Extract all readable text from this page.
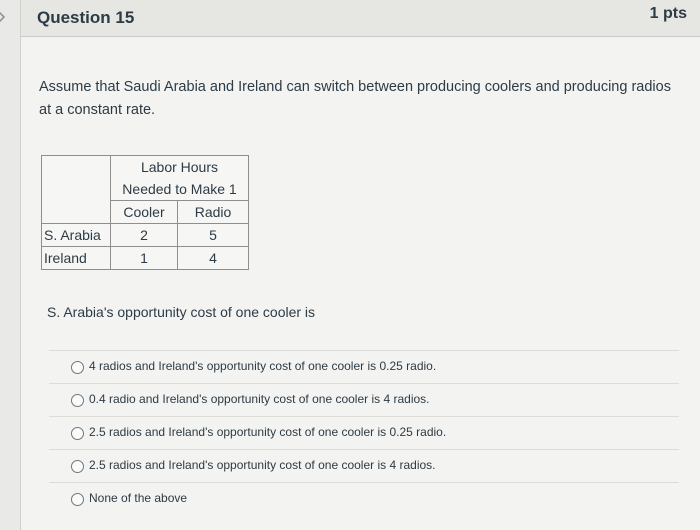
Question 15	1 pts
Assume that Saudi Arabia and Ireland can switch between producing coolers and producing radios at a constant rate.
	Labor Hours	
	Needed to Make 1	
	Cooler	Radio
S. Arabia	2	5
Ireland	1	4
S. Arabia's opportunity cost of one cooler is
4 radios and Ireland's opportunity cost of one cooler is 0.25 radio.
0.4 radio and Ireland's opportunity cost of one cooler is 4 radios.
2.5 radios and Ireland's opportunity cost of one cooler is 0.25 radio.
2.5 radios and Ireland's opportunity cost of one cooler is 4 radios.
None of the above
